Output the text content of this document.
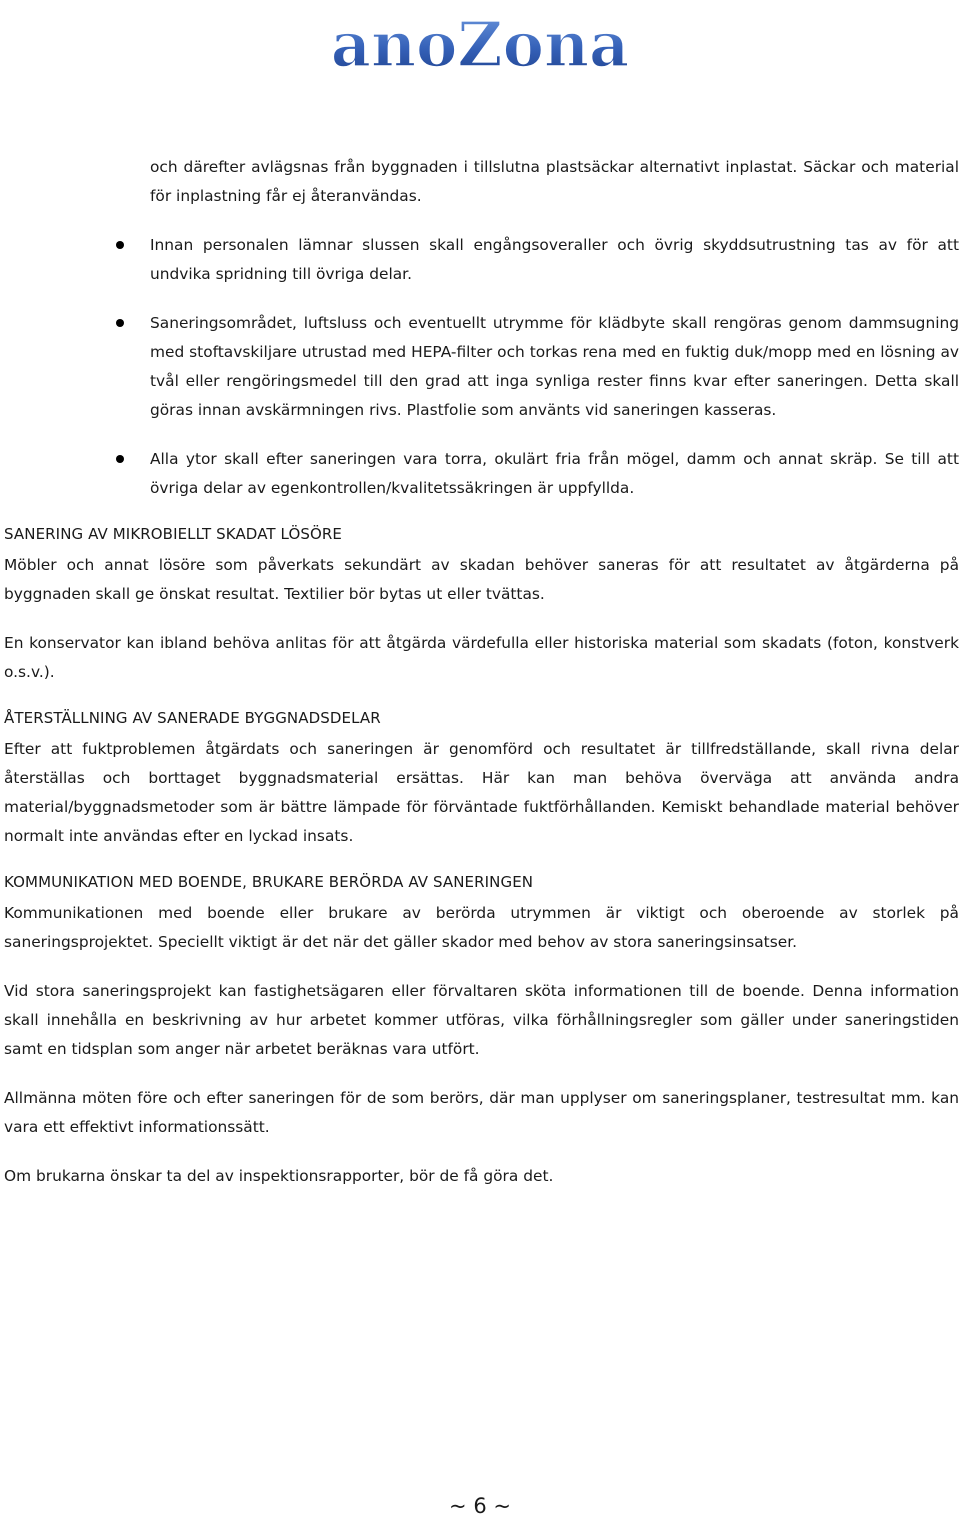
anoZona
och därefter avlägsnas från byggnaden i tillslutna plastsäckar alternativt inplastat. Säckar och material för inplastning får ej återanvändas.
Innan personalen lämnar slussen skall engångsoveraller och övrig skyddsutrustning tas av för att undvika spridning till övriga delar.
Saneringsområdet, luftsluss och eventuellt utrymme för klädbyte skall rengöras genom dammsugning med stoftavskiljare utrustad med HEPA-filter och torkas rena med en fuktig duk/mopp med en lösning av tvål eller rengöringsmedel till den grad att inga synliga rester finns kvar efter saneringen. Detta skall göras innan avskärmningen rivs. Plastfolie som använts vid saneringen kasseras.
Alla ytor skall efter saneringen vara torra, okulärt fria från mögel, damm och annat skräp. Se till att övriga delar av egenkontrollen/kvalitetssäkringen är uppfyllda.
SANERING AV MIKROBIELLT SKADAT LÖSÖRE

Möbler och annat lösöre som påverkats sekundärt av skadan behöver saneras för att resultatet av åtgärderna på byggnaden skall ge önskat resultat. Textilier bör bytas ut eller tvättas.

En konservator kan ibland behöva anlitas för att åtgärda värdefulla eller historiska material som skadats (foton, konstverk o.s.v.).

ÅTERSTÄLLNING AV SANERADE BYGGNADSDELAR

Efter att fuktproblemen åtgärdats och saneringen är genomförd och resultatet är tillfredställande, skall rivna delar återställas och borttaget byggnadsmaterial ersättas. Här kan man behöva överväga att använda andra material/byggnadsmetoder som är bättre lämpade för förväntade fuktförhållanden. Kemiskt behandlade material behöver normalt inte användas efter en lyckad insats.

KOMMUNIKATION MED BOENDE, BRUKARE BERÖRDA AV SANERINGEN

Kommunikationen med boende eller brukare av berörda utrymmen är viktigt och oberoende av storlek på saneringsprojektet. Speciellt viktigt är det när det gäller skador med behov av stora saneringsinsatser.

Vid stora saneringsprojekt kan fastighetsägaren eller förvaltaren sköta informationen till de boende. Denna information skall innehålla en beskrivning av hur arbetet kommer utföras, vilka förhållningsregler som gäller under saneringstiden samt en tidsplan som anger när arbetet beräknas vara utfört.

Allmänna möten före och efter saneringen för de som berörs, där man upplyser om saneringsplaner, testresultat mm. kan vara ett effektivt informationssätt.

Om brukarna önskar ta del av inspektionsrapporter, bör de få göra det.

~ 6 ~
